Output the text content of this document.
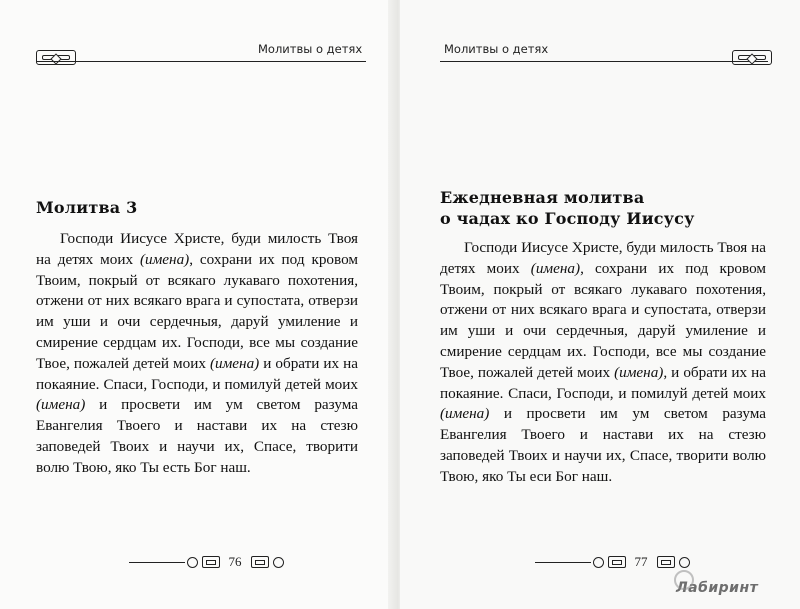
Молитвы о детях
Молитва 3

Господи Иисусе Христе, буди милость Твоя на детях моих (имена), сохрани их под кровом Твоим, покрый от всякаго лукаваго похотения, отжени от них всякаго врага и супостата, отверзи им уши и очи сердечныя, даруй умиление и смирение сердцам их. Господи, все мы создание Твое, пожалей детей моих (имена) и обрати их на покаяние. Спаси, Господи, и помилуй детей моих (имена) и просвети им ум светом разума Евангелия Твоего и настави их на стезю заповедей Твоих и научи их, Спасе, творити волю Твою, яко Ты есть Бог наш.

76
Молитвы о детях
Ежедневная молитва
о чадах ко Господу Иисусу

Господи Иисусе Христе, буди милость Твоя на детях моих (имена), сохрани их под кровом Твоим, покрый от всякаго лукаваго похотения, отжени от них всякаго врага и супостата, отверзи им уши и очи сердечныя, даруй умиление и смирение сердцам их. Господи, все мы создание Твое, пожалей детей моих (имена), и обрати их на покаяние. Спаси, Господи, и помилуй детей моих (имена) и просвети им ум светом разума Евангелия Твоего и настави их на стезю заповедей Твоих и научи их, Спасе, творити волю Твою, яко Ты еси Бог наш.

77
Лабиринт
